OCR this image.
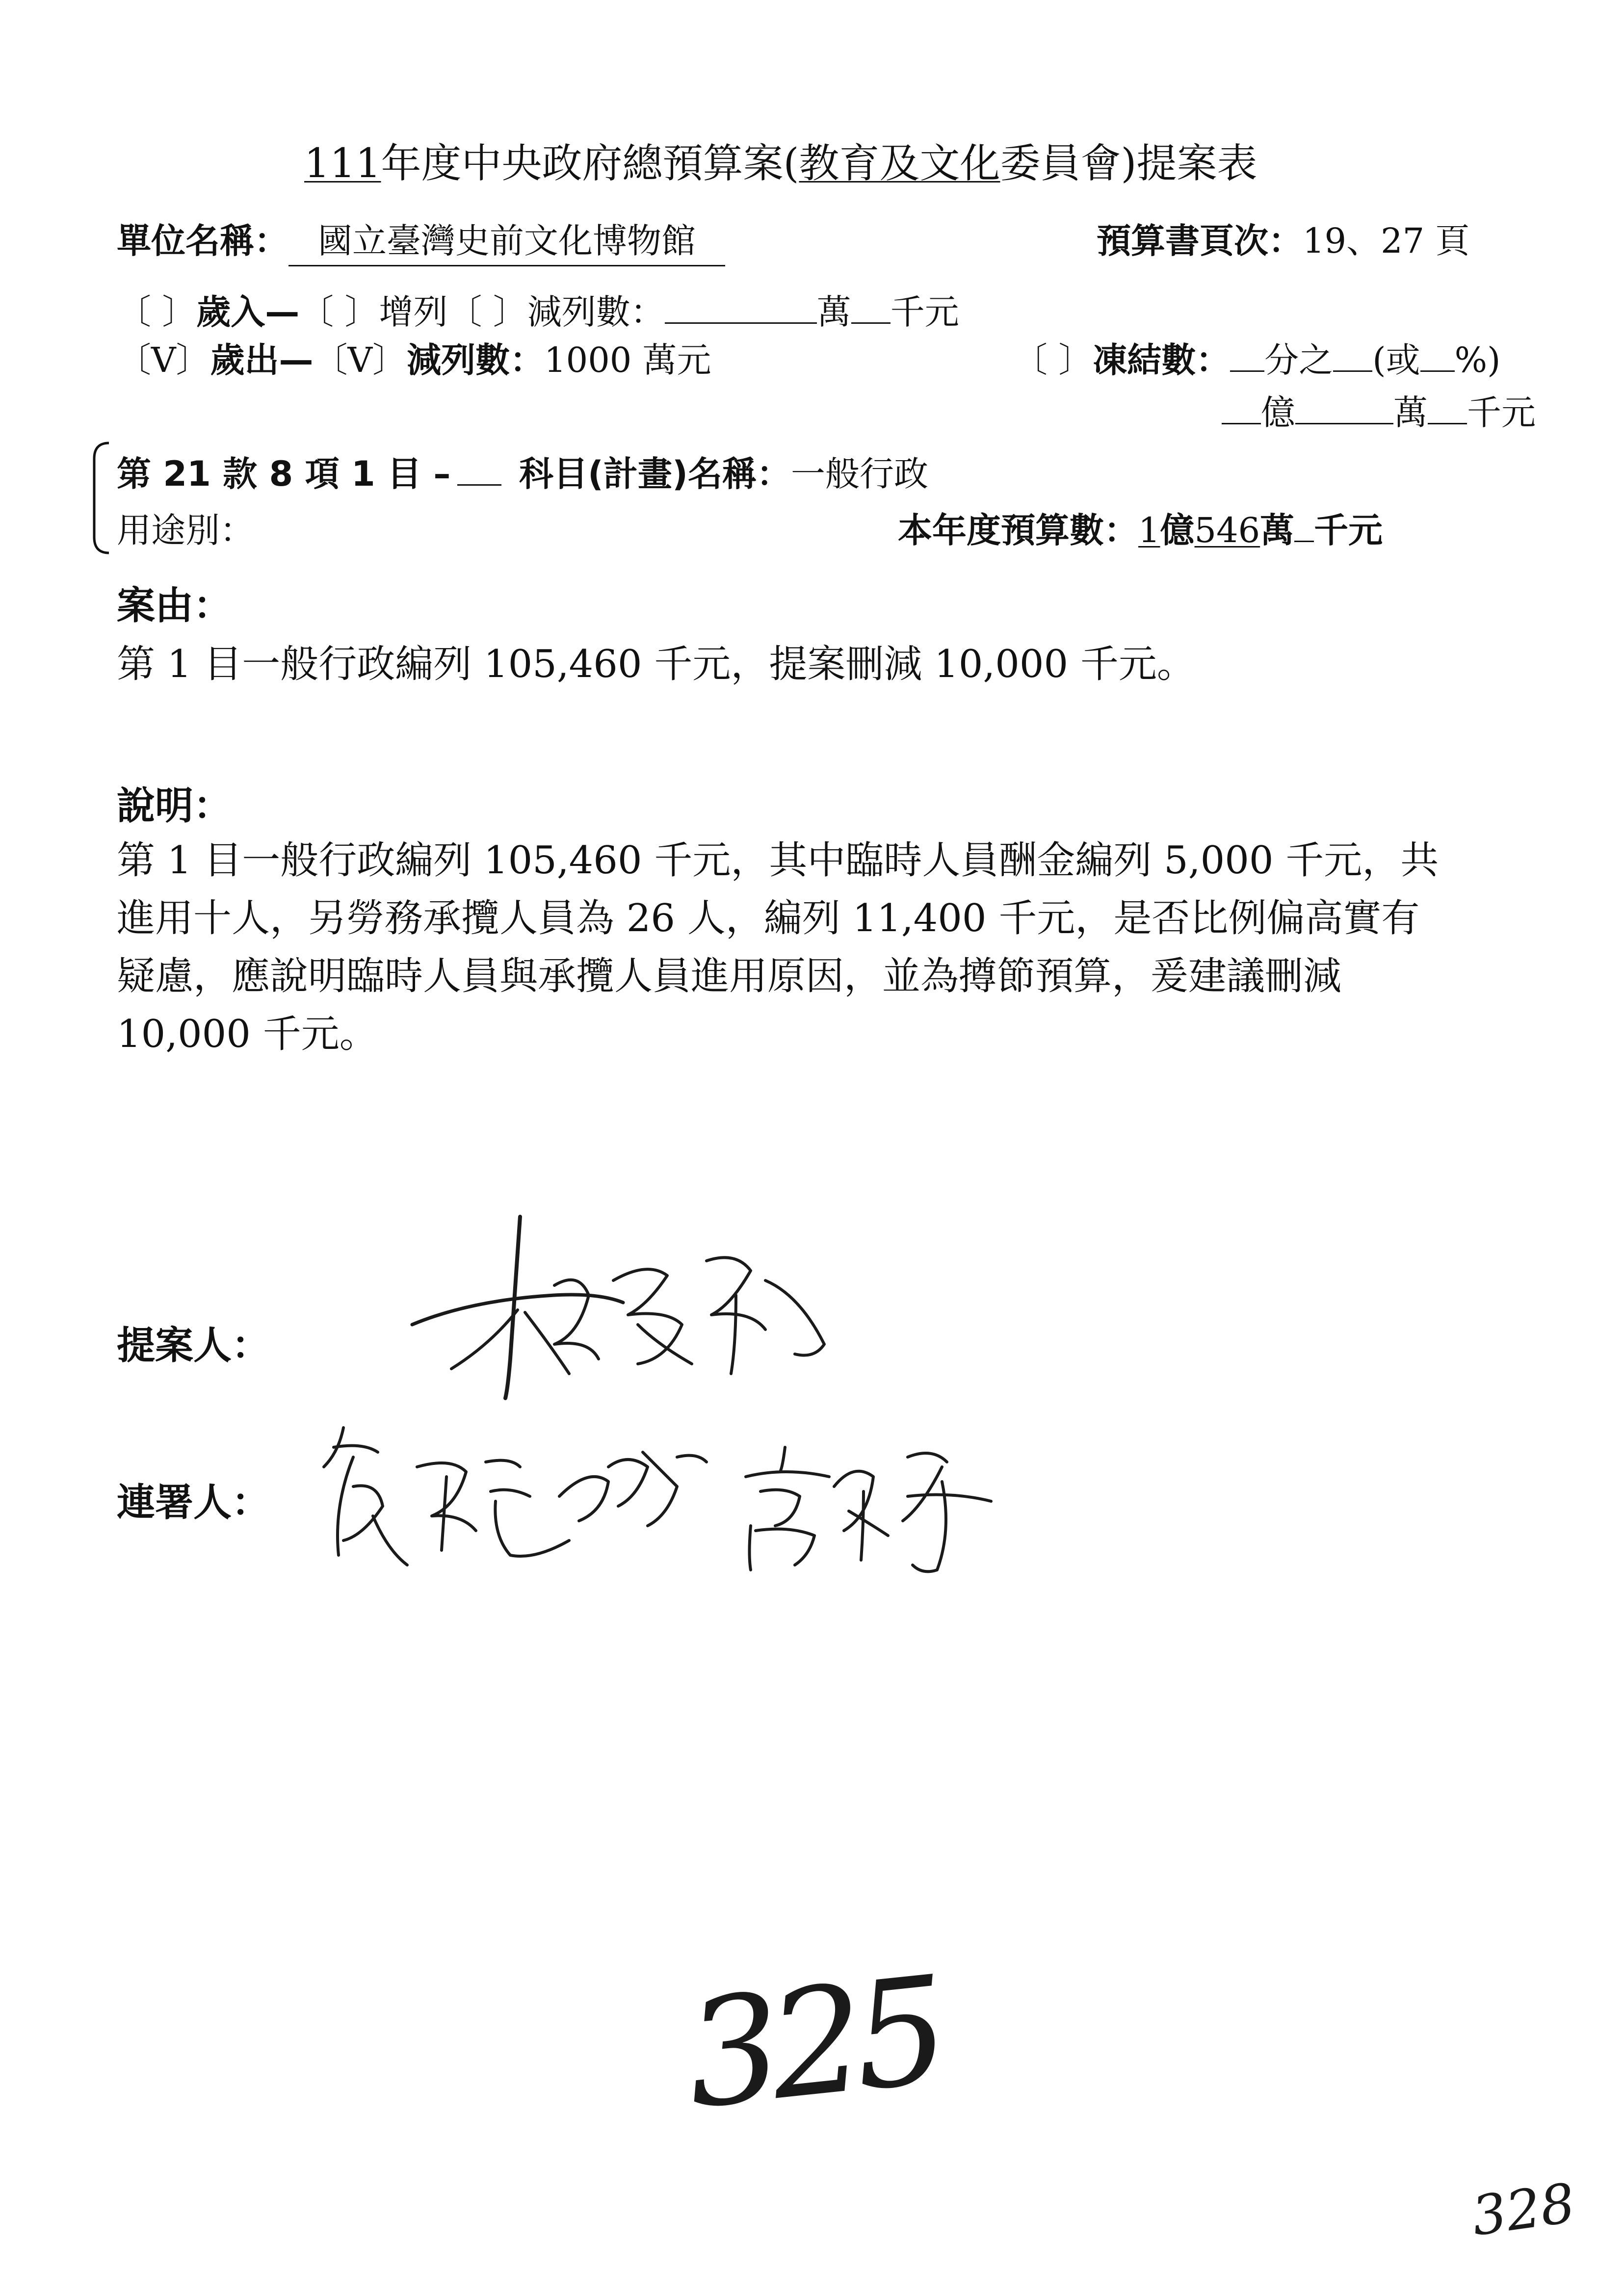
111年度中央政府總預算案(教育及文化委員會)提案表
單位名稱： 國立臺灣史前文化博物館	預算書頁次：19、27 頁
〔 〕歲入—〔 〕增列〔 〕減列數：	萬 千元
〔V〕歲出—〔V〕減列數：1000 萬元	〔 〕凍結數： 分之 (或 %)
億	萬 千元
第 21 款 8 項 1 目 –	科目(計畫)名稱：一般行政
用途別：	本年度預算數：1億546萬 千元
案由：
第 1 目一般行政編列 105,460 千元，提案刪減 10,000 千元。
說明：
第 1 目一般行政編列 105,460 千元，其中臨時人員酬金編列 5,000 千元，共
進用十人，另勞務承攬人員為 26 人，編列 11,400 千元，是否比例偏高實有
疑慮，應說明臨時人員與承攬人員進用原因，並為撙節預算，爰建議刪減
10,000 千元。
提案人：
連署人：
325
328
